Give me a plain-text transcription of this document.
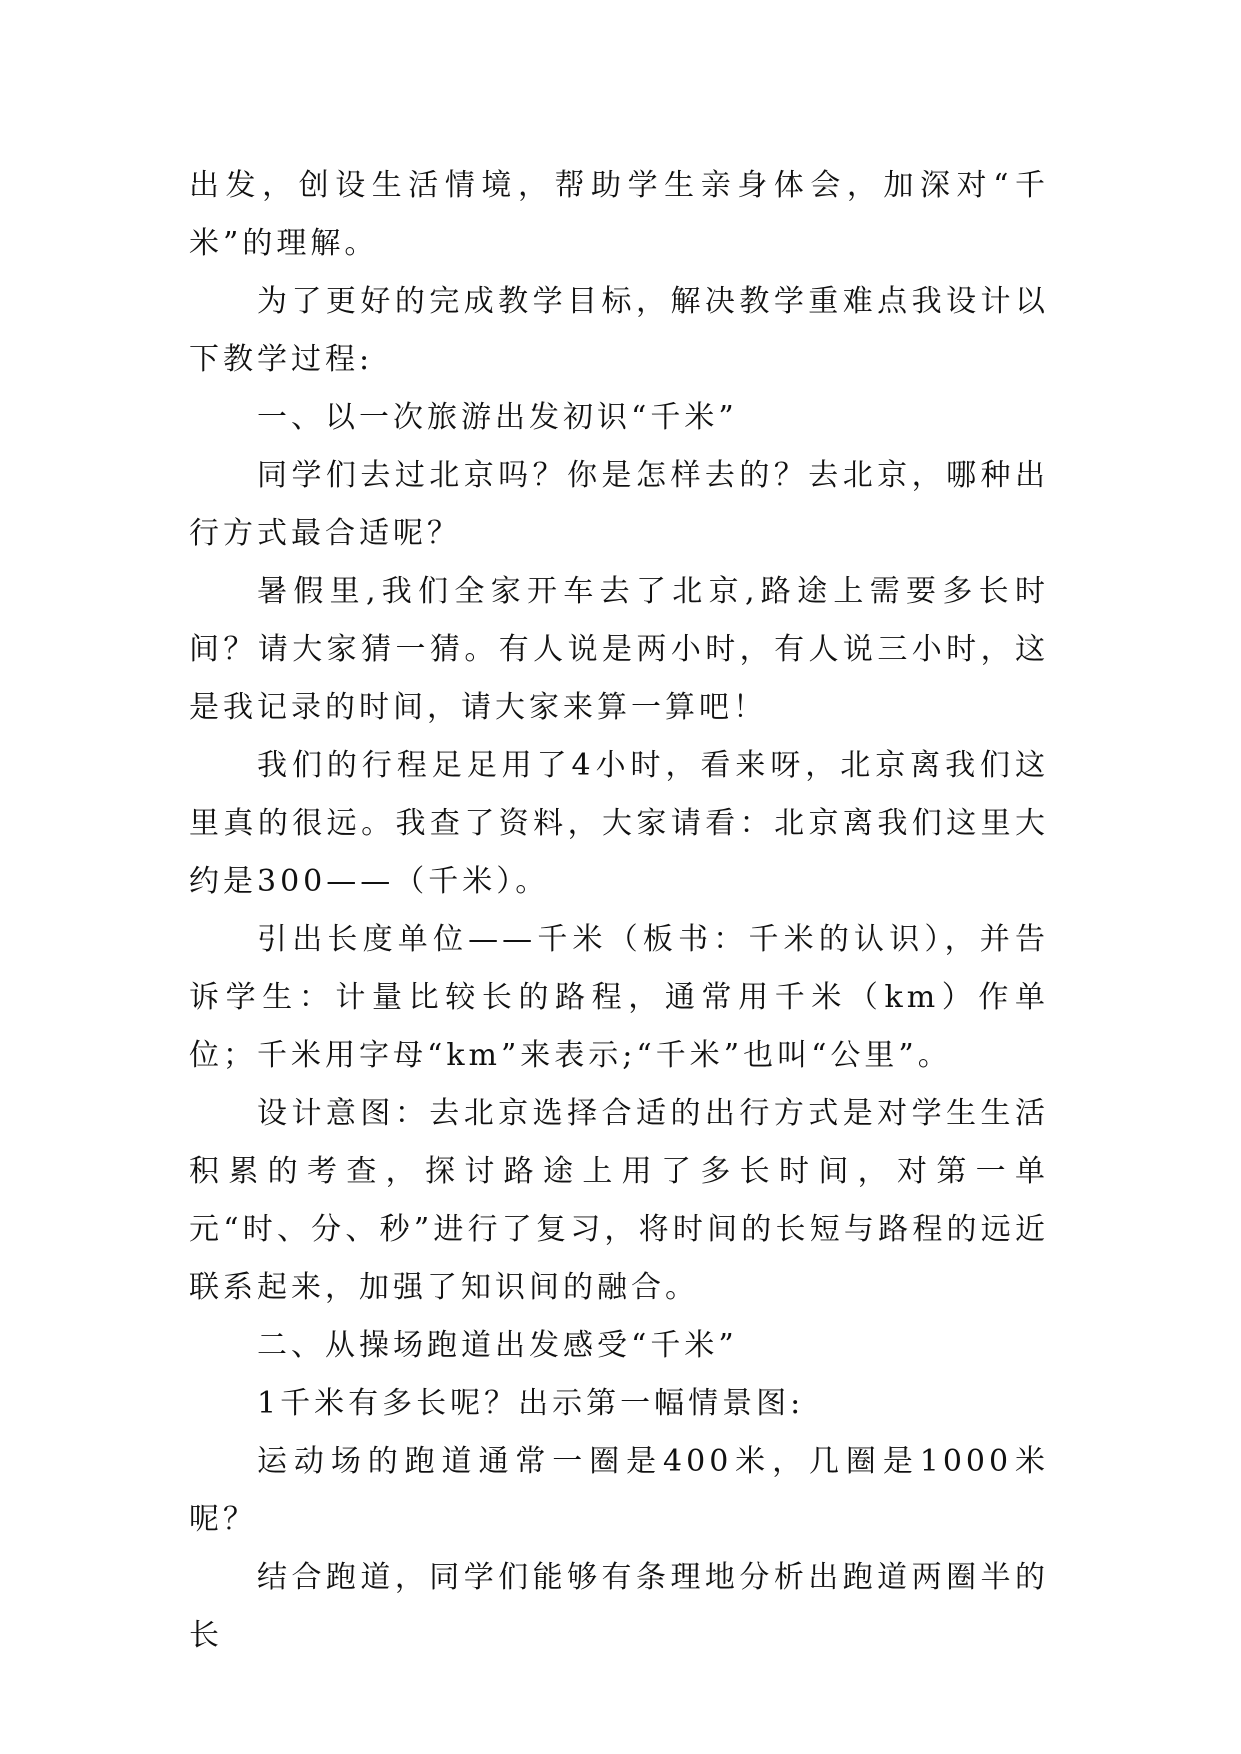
出发，创设生活情境，帮助学生亲身体会，加深对“千米”的理解。

为了更好的完成教学目标，解决教学重难点我设计以下教学过程:

一、以一次旅游出发初识“千米”

同学们去过北京吗？你是怎样去的？去北京，哪种出行方式最合适呢？

暑假里,我们全家开车去了北京,路途上需要多长时间？请大家猜一猜。有人说是两小时，有人说三小时，这是我记录的时间，请大家来算一算吧！

我们的行程足足用了4小时，看来呀，北京离我们这里真的很远。我查了资料，大家请看：北京离我们这里大约是300——（千米）。

引出长度单位——千米（板书：千米的认识），并告诉学生：计量比较长的路程，通常用千米（km）作单位；千米用字母“km”来表示;“千米”也叫“公里”。

设计意图：去北京选择合适的出行方式是对学生生活积累的考查，探讨路途上用了多长时间，对第一单元“时、分、秒”进行了复习，将时间的长短与路程的远近联系起来，加强了知识间的融合。

二、从操场跑道出发感受“千米”

1千米有多长呢？出示第一幅情景图:

运动场的跑道通常一圈是400米，几圈是1000米呢？

结合跑道，同学们能够有条理地分析出跑道两圈半的长
